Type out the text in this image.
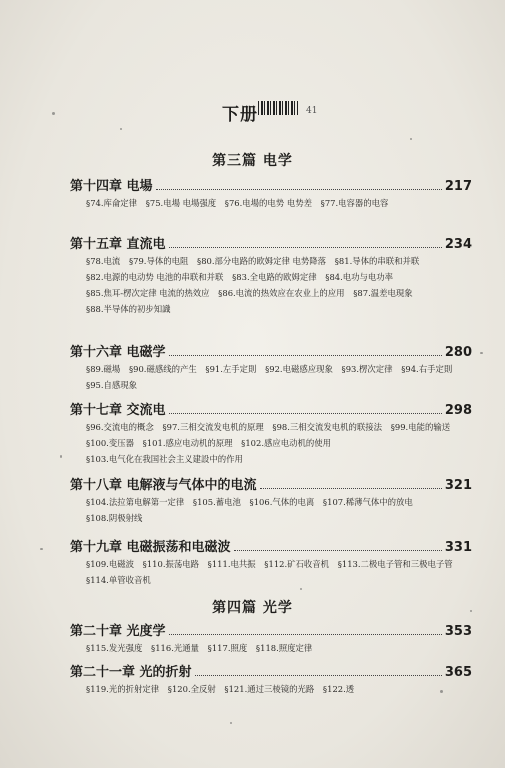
下册	41
第三篇 电学
第十四章 电場	217
§74.库侖定律 §75.电場 电場强度 §76.电場的电势 电势差 §77.电容器的电容
第十五章 直流电	234
§78.电流 §79.导体的电阻 §80.部分电路的欧姆定律 电势降落 §81.导体的串联和并联 §82.电源的电动势 电池的串联和并联 §83.全电路的欧姆定律 §84.电功与电功率 §85.焦耳-楞次定律 电流的热效应 §86.电流的热效应在农业上的应用 §87.温差电現象 §88.半导体的初步知識
第十六章 电磁学	280
§89.磁場 §90.磁感线的产生 §91.左手定則 §92.电磁感应现象 §93.楞次定律 §94.右手定則 §95.自感現象
第十七章 交流电	298
§96.交流电的概念 §97.三相交流发电机的原理 §98.三相交流发电机的联接法 §99.电能的输送 §100.变压器 §101.感应电动机的原理 §102.感应电动机的使用 §103.电气化在我国社会主义建設中的作用
第十八章 电解液与气体中的电流	321
§104.法拉第电解第一定律 §105.蓄电池 §106.气体的电离 §107.稀薄气体中的放电 §108.阴极射线
第十九章 电磁振荡和电磁波	331
§109.电磁波 §110.振荡电路 §111.电共振 §112.矿石收音机 §113.二极电子管和三极电子管 §114.单管收音机
第四篇 光学
第二十章 光度学	353
§115.发光强度 §116.光通量 §117.照度 §118.照度定律
第二十一章 光的折射	365
§119.光的折射定律 §120.全反射 §121.通过三棱镜的光路 §122.透
